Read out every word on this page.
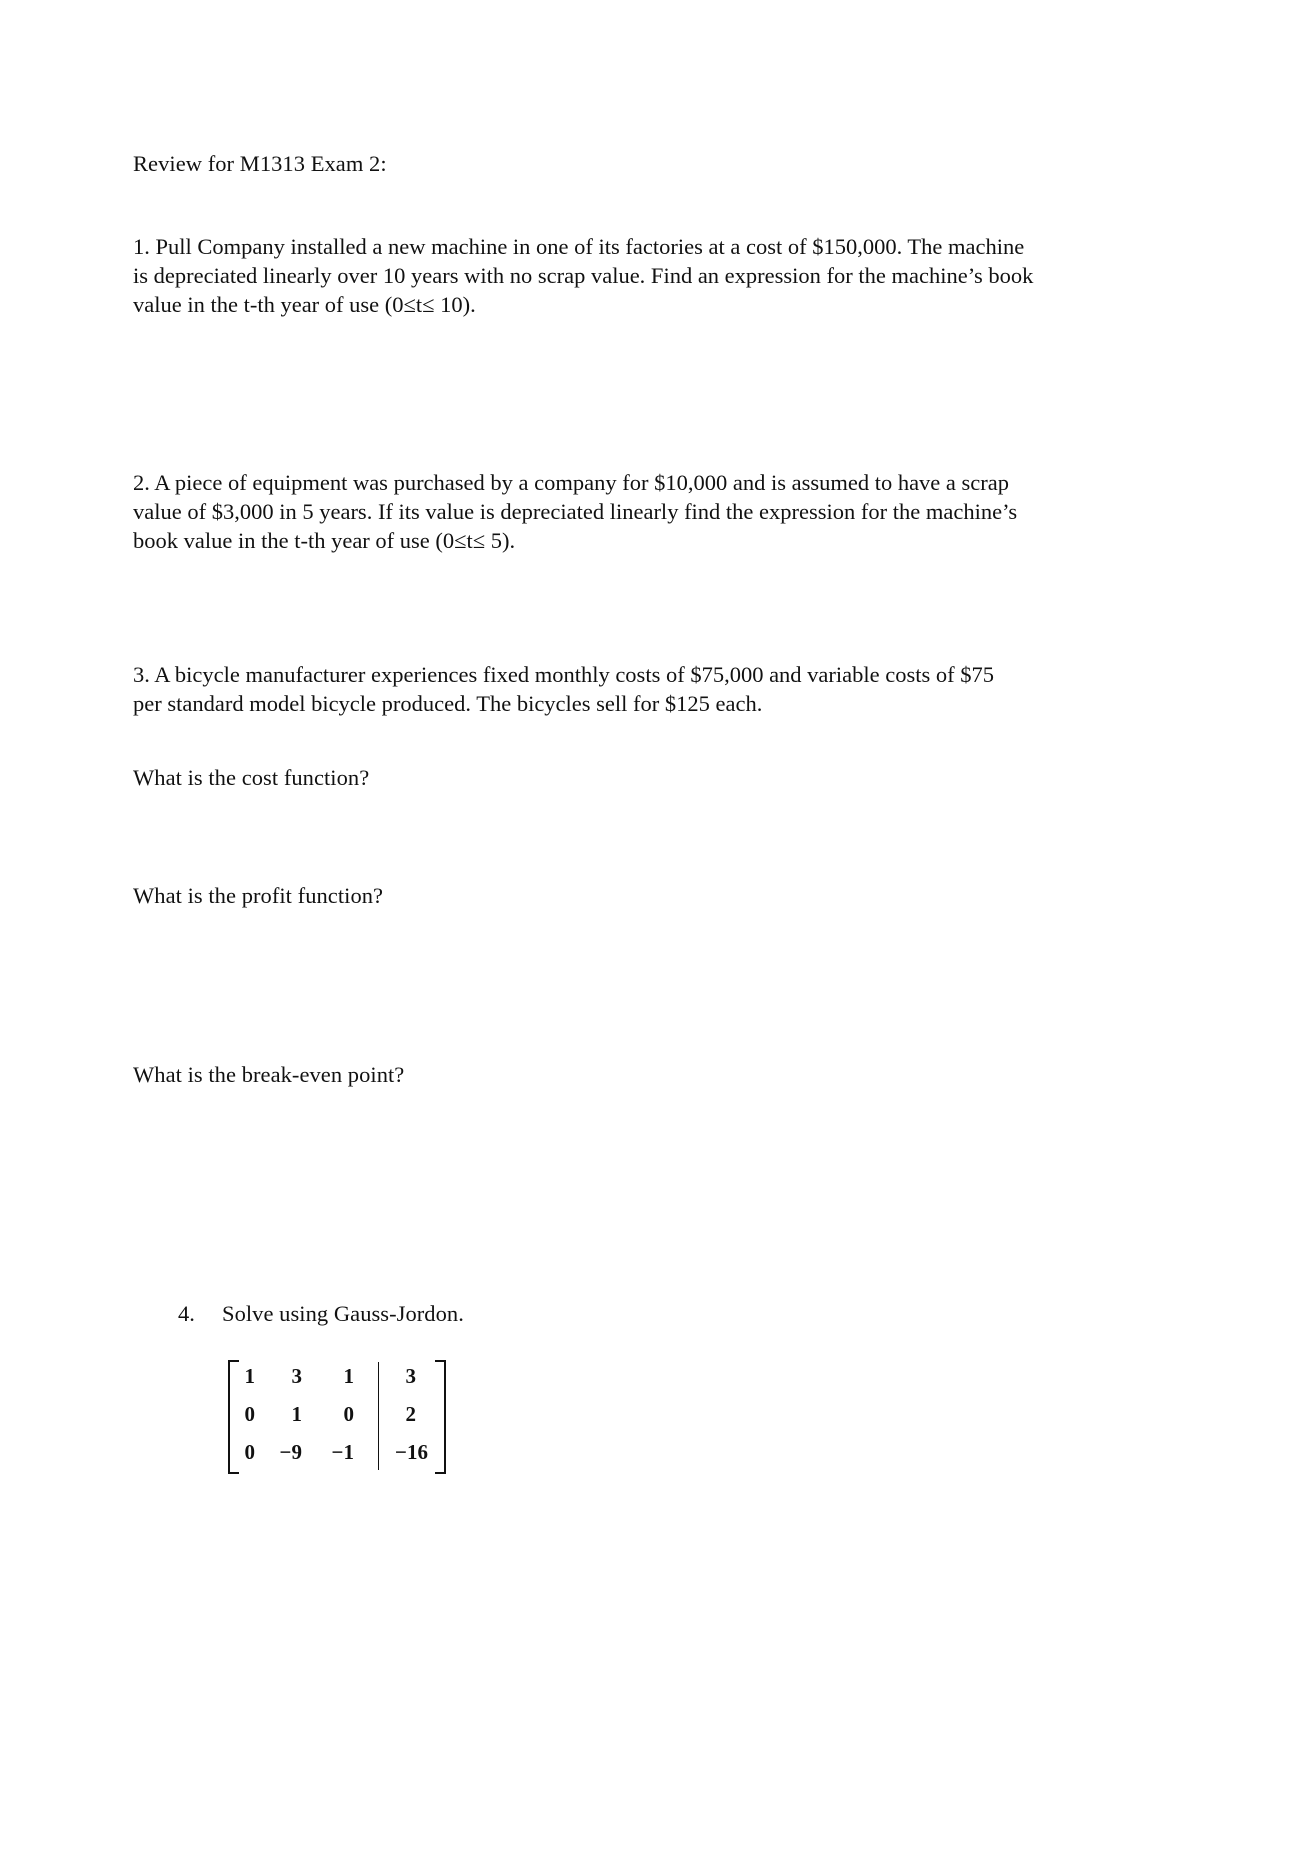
Review for M1313 Exam 2:
1. Pull Company installed a new machine in one of its factories at a cost of $150,000. The machine
is depreciated linearly over 10 years with no scrap value. Find an expression for the machine’s book
value in the t-th year of use (0≤t≤ 10).
2. A piece of equipment was purchased by a company for $10,000 and is assumed to have a scrap
value of $3,000 in 5 years. If its value is depreciated linearly find the expression for the machine’s
book value in the t-th year of use (0≤t≤ 5).
3. A bicycle manufacturer experiences fixed monthly costs of $75,000 and variable costs of $75
per standard model bicycle produced. The bicycles sell for $125 each.
What is the cost function?
What is the profit function?
What is the break-even point?
4. Solve using Gauss-Jordon.
1	3	1	3
0	1	0	2
0	−9	−1	−16
